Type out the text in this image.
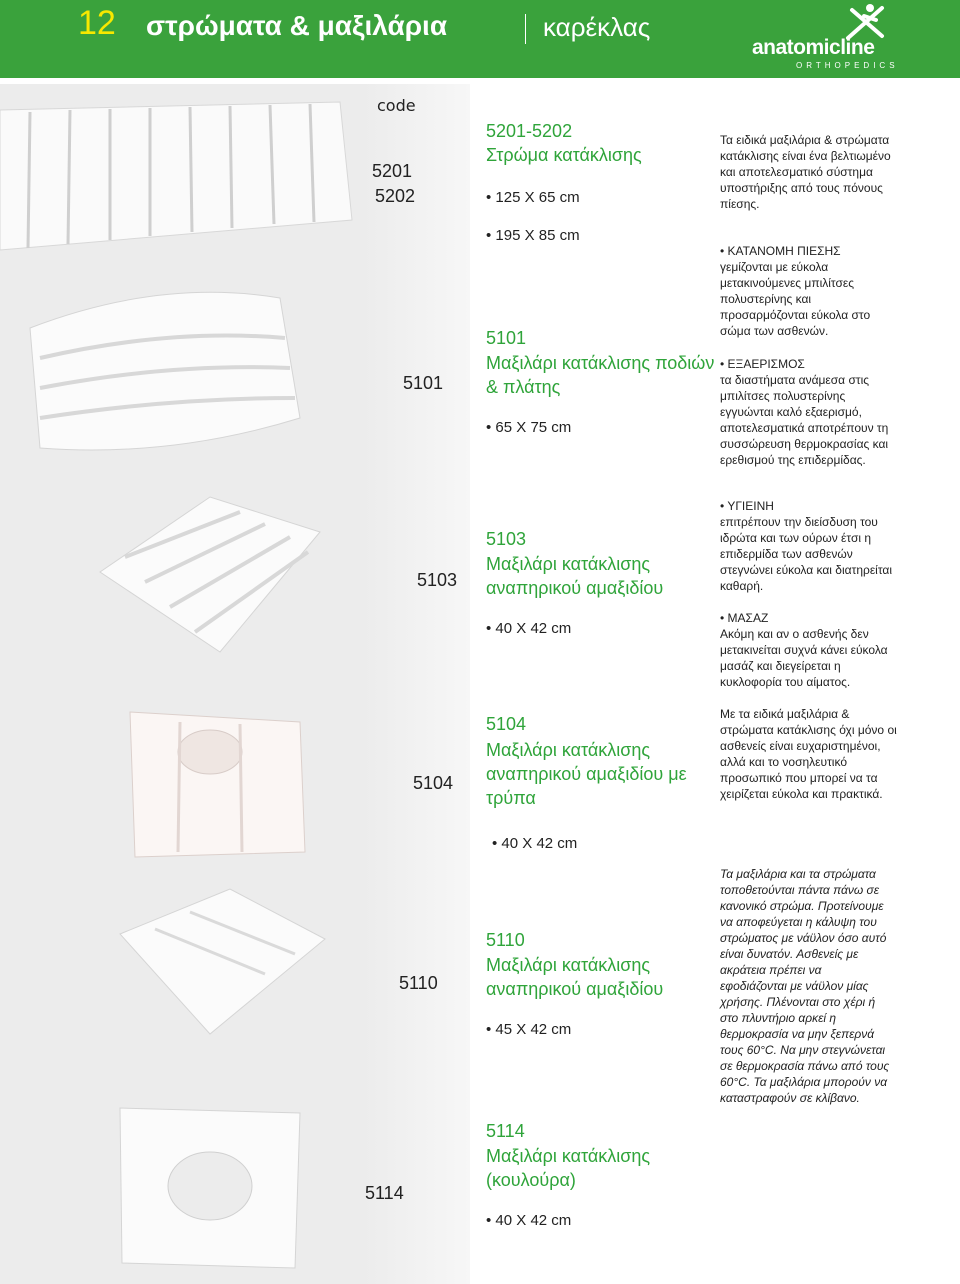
12 στρώματα & μαξιλάρια	καρέκλας
anatomicline
ORTHOPEDICS
code
5201
5202
5101
5103
5104
5110
5114
5201-5202
Στρώμα κατάκλισης
• 125 X 65 cm
• 195 X 85 cm
5101
Μαξιλάρι κατάκλισης ποδιών & πλάτης
• 65 X 75 cm
5103
Μαξιλάρι κατάκλισης αναπηρικού αμαξιδίου
• 40 X 42 cm
5104
Μαξιλάρι κατάκλισης αναπηρικού αμαξιδίου με τρύπα
• 40 X 42 cm
5110
Μαξιλάρι κατάκλισης αναπηρικού αμαξιδίου
• 45 X 42 cm
5114
Μαξιλάρι κατάκλισης (κουλούρα)
• 40 X 42 cm
Τα ειδικά μαξιλάρια & στρώματα κατάκλισης είναι ένα βελτιωμένο και αποτελεσματικό σύστημα υποστήριξης από τους πόνους πίεσης.
• ΚΑΤΑΝΟΜΗ ΠΙΕΣΗΣ
γεμίζονται με εύκολα μετακινούμενες μπιλίτσες πολυστερίνης και προσαρμόζονται εύκολα στο σώμα των ασθενών.
• ΕΞΑΕΡΙΣΜΟΣ
τα διαστήματα ανάμεσα στις μπιλίτσες πολυστερίνης εγγυώνται καλό εξαερισμό, αποτελεσματικά αποτρέπουν τη συσσώρευση θερμοκρασίας και ερεθισμού της επιδερμίδας.
• ΥΓΙΕΙΝΗ
επιτρέπουν την διείσδυση του ιδρώτα και των ούρων έτσι η επιδερμίδα των ασθενών στεγνώνει εύκολα και διατηρείται καθαρή.
• ΜΑΣΑΖ
Ακόμη και αν ο ασθενής δεν μετακινείται συχνά κάνει εύκολα μασάζ και διεγείρεται η κυκλοφορία του αίματος.
Με τα ειδικά μαξιλάρια & στρώματα κατάκλισης όχι μόνο οι ασθενείς είναι ευχαριστημένοι, αλλά και το νοσηλευτικό προσωπικό που μπορεί να τα χειρίζεται εύκολα και πρακτικά.
Τα μαξιλάρια και τα στρώματα τοποθετούνται πάντα πάνω σε κανονικό στρώμα. Προτείνουμε να αποφεύγεται η κάλυψη του στρώματος με νάϋλον όσο αυτό είναι δυνατόν. Ασθενείς με ακράτεια πρέπει να εφοδιάζονται με νάϋλον μίας χρήσης. Πλένονται στο χέρι ή στο πλυντήριο αρκεί η θερμοκρασία να μην ξεπερνά τους 60°C. Να μην στεγνώνεται σε θερμοκρασία πάνω από τους 60°C. Τα μαξιλάρια μπορούν να καταστραφούν σε κλίβανο.
